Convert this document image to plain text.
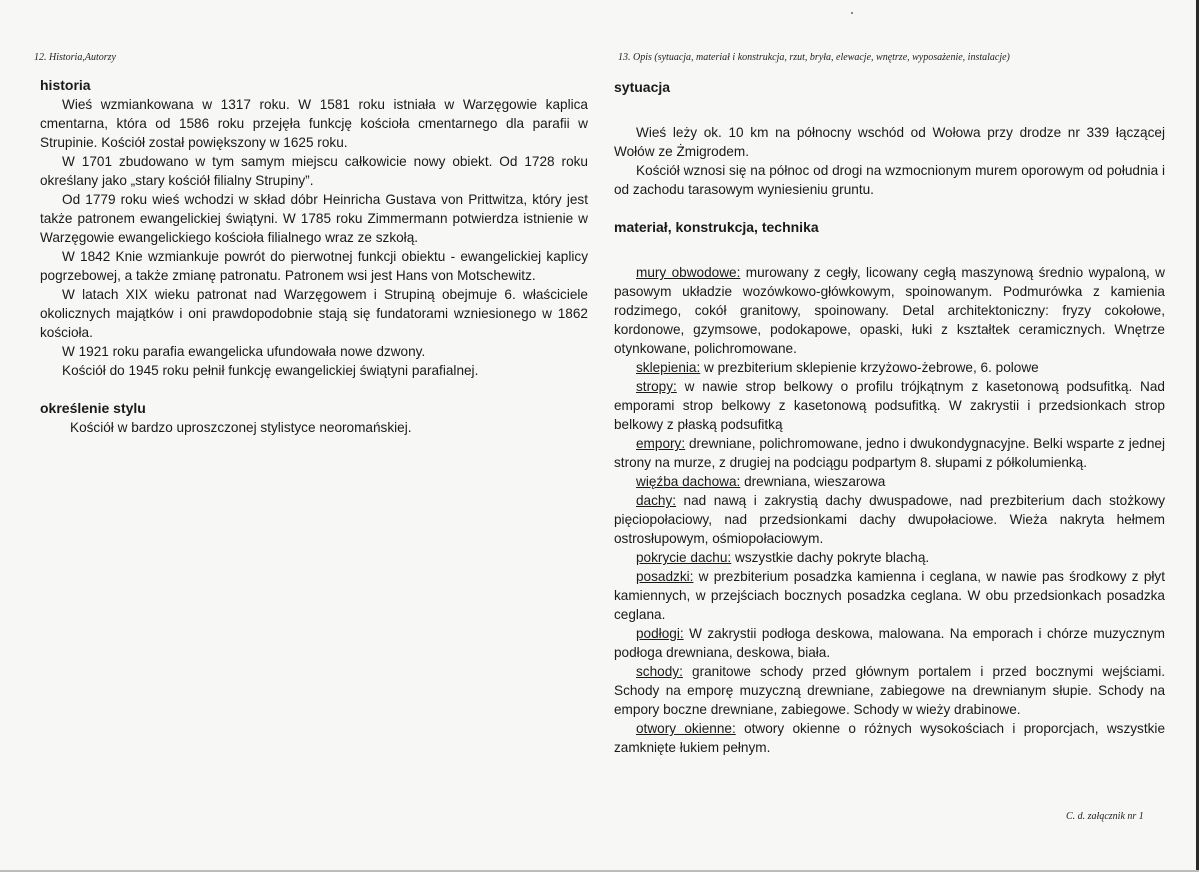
12. Historia,Autorzy
historia

Wieś wzmiankowana w 1317 roku. W 1581 roku istniała w Warzęgowie kaplica cmentarna, która od 1586 roku przejęła funkcję kościoła cmentarnego dla parafii w Strupinie. Kościół został powiększony w 1625 roku.

W 1701 zbudowano w tym samym miejscu całkowicie nowy obiekt. Od 1728 roku określany jako „stary kościół filialny Strupiny”.

Od 1779 roku wieś wchodzi w skład dóbr Heinricha Gustava von Prittwitza, który jest także patronem ewangelickiej świątyni. W 1785 roku Zimmermann potwierdza istnienie w Warzęgowie ewangelickiego kościoła filialnego wraz ze szkołą.

W 1842 Knie wzmiankuje powrót do pierwotnej funkcji obiektu - ewangelickiej kaplicy pogrzebowej, a także zmianę patronatu. Patronem wsi jest Hans von Motschewitz.

W latach XIX wieku patronat nad Warzęgowem i Strupiną obejmuje 6. właściciele okolicznych majątków i oni prawdopodobnie stają się fundatorami wzniesionego w 1862 kościoła.

W 1921 roku parafia ewangelicka ufundowała nowe dzwony.

Kościół do 1945 roku pełnił funkcję ewangelickiej świątyni parafialnej.

określenie stylu

Kościół w bardzo uproszczonej stylistyce neoromańskiej.

13. Opis (sytuacja, materiał i konstrukcja, rzut, bryła, elewacje, wnętrze, wyposażenie, instalacje)
sytuacja

Wieś leży ok. 10 km na północny wschód od Wołowa przy drodze nr 339 łączącej Wołów ze Żmigrodem.

Kościół wznosi się na północ od drogi na wzmocnionym murem oporowym od południa i od zachodu tarasowym wyniesieniu gruntu.

materiał, konstrukcja, technika

mury obwodowe: murowany z cegły, licowany cegłą maszynową średnio wypaloną, w pasowym układzie wozówkowo-główkowym, spoinowanym. Podmurówka z kamienia rodzimego, cokół granitowy, spoinowany. Detal architektoniczny: fryzy cokołowe, kordonowe, gzymsowe, podokapowe, opaski, łuki z kształtek ceramicznych. Wnętrze otynkowane, polichromowane.

sklepienia: w prezbiterium sklepienie krzyżowo-żebrowe, 6. polowe

stropy: w nawie strop belkowy o profilu trójkątnym z kasetonową podsufitką. Nad emporami strop belkowy z kasetonową podsufitką. W zakrystii i przedsionkach strop belkowy z płaską podsufitką

empory: drewniane, polichromowane, jedno i dwukondygnacyjne. Belki wsparte z jednej strony na murze, z drugiej na podciągu podpartym 8. słupami z półkolumienką.

więźba dachowa: drewniana, wieszarowa

dachy: nad nawą i zakrystią dachy dwuspadowe, nad prezbiterium dach stożkowy pięciopołaciowy, nad przedsionkami dachy dwupołaciowe. Wieża nakryta hełmem ostrosłupowym, ośmiopołaciowym.

pokrycie dachu: wszystkie dachy pokryte blachą.

posadzki: w prezbiterium posadzka kamienna i ceglana, w nawie pas środkowy z płyt kamiennych, w przejściach bocznych posadzka ceglana. W obu przedsionkach posadzka ceglana.

podłogi: W zakrystii podłoga deskowa, malowana. Na emporach i chórze muzycznym podłoga drewniana, deskowa, biała.

schody: granitowe schody przed głównym portalem i przed bocznymi wejściami. Schody na emporę muzyczną drewniane, zabiegowe na drewnianym słupie. Schody na empory boczne drewniane, zabiegowe. Schody w wieży drabinowe.

otwory okienne: otwory okienne o różnych wysokościach i proporcjach, wszystkie zamknięte łukiem pełnym.

C. d. załącznik nr 1
